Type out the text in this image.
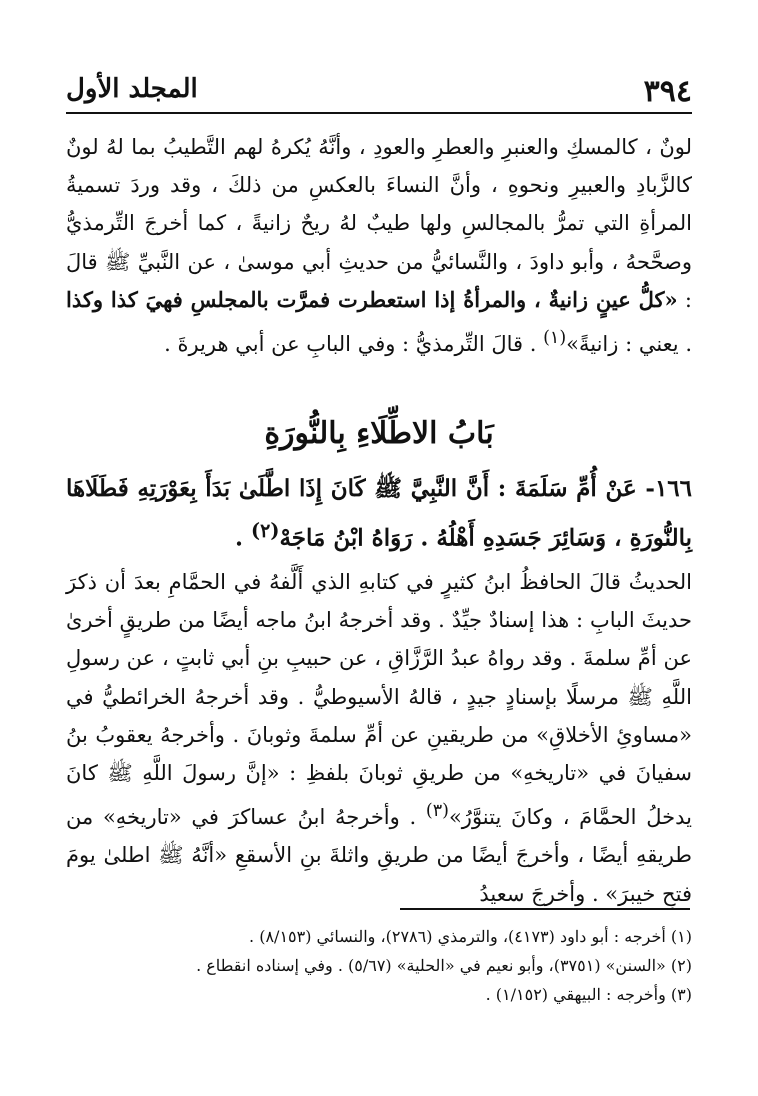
٣٩٤
المجلد الأول
لونٌ ، كالمسكِ والعنبرِ والعطرِ والعودِ ، وأنَّهُ يُكرهُ لهم التَّطيبُ بما لهُ لونٌ كالزَّبادِ والعبيرِ ونحوهِ ، وأنَّ النساءَ بالعكسِ من ذلكَ ، وقد وردَ تسميةُ المرأةِ التي تمرُّ بالمجالسِ ولها طيبٌ لهُ ريحٌ زانيةً ، كما أخرجَ التِّرمذيُّ وصحَّحهُ ، وأبو داودَ ، والنَّسائيُّ من حديثِ أبي موسىٰ ، عن النَّبيِّ ﷺ قالَ : «كلُّ عينٍ زانيةٌ ، والمرأةُ إذا استعطرت فمرَّت بالمجلسِ فهيَ كذا وكذا . يعني : زانيةً»$^{(١)}$ . قالَ التِّرمذيُّ : وفي البابِ عن أبي هريرةَ .
بَابُ الاطِّلَاءِ بِالنُّورَةِ
١٦٦- عَنْ أُمِّ سَلَمَةَ : أَنَّ النَّبِيَّ ﷺ كَانَ إِذَا اطَّلَىٰ بَدَأَ بِعَوْرَتِهِ فَطَلَاهَا بِالنُّورَةِ ، وَسَائِرَ جَسَدِهِ أَهْلُهُ . رَوَاهُ ابْنُ مَاجَهْ$^{(٢)}$ .
الحديثُ قالَ الحافظُ ابنُ كثيرٍ في كتابهِ الذي أَلَّفهُ في الحمَّامِ بعدَ أن ذكرَ حديثَ البابِ : هذا إسنادٌ جيِّدٌ . وقد أخرجهُ ابنُ ماجه أيضًا من طريقٍ أخرىٰ عن أمِّ سلمةَ . وقد رواهُ عبدُ الرَّزَّاقِ ، عن حبيبِ بنِ أبي ثابتٍ ، عن رسولِ اللَّهِ ﷺ مرسلًا بإسنادٍ جيدٍ ، قالهُ الأسيوطيُّ . وقد أخرجهُ الخرائطيُّ في «مساوئِ الأخلاقِ» من طريقينِ عن أمِّ سلمةَ وثوبانَ . وأخرجهُ يعقوبُ بنُ سفيانَ في «تاريخهِ» من طريقِ ثوبانَ بلفظِ : «إنَّ رسولَ اللَّهِ ﷺ كانَ يدخلُ الحمَّامَ ، وكانَ يتنوَّرُ»$^{(٣)}$ . وأخرجهُ ابنُ عساكرَ في «تاريخهِ» من طريقهِ أيضًا ، وأخرجَ أيضًا من طريقِ واثلةَ بنِ الأسقعِ «أنَّهُ ﷺ اطلىٰ يومَ فتحِ خيبرَ» . وأخرجَ سعيدُ
(١) أخرجه : أبو داود (٤١٧٣)، والترمذي (٢٧٨٦)، والنسائي (٨/١٥٣) .
(٢) «السنن» (٣٧٥١)، وأبو نعيم في «الحلية» (٥/٦٧) . وفي إسناده انقطاع .
(٣) وأخرجه : البيهقي (١/١٥٢) .
